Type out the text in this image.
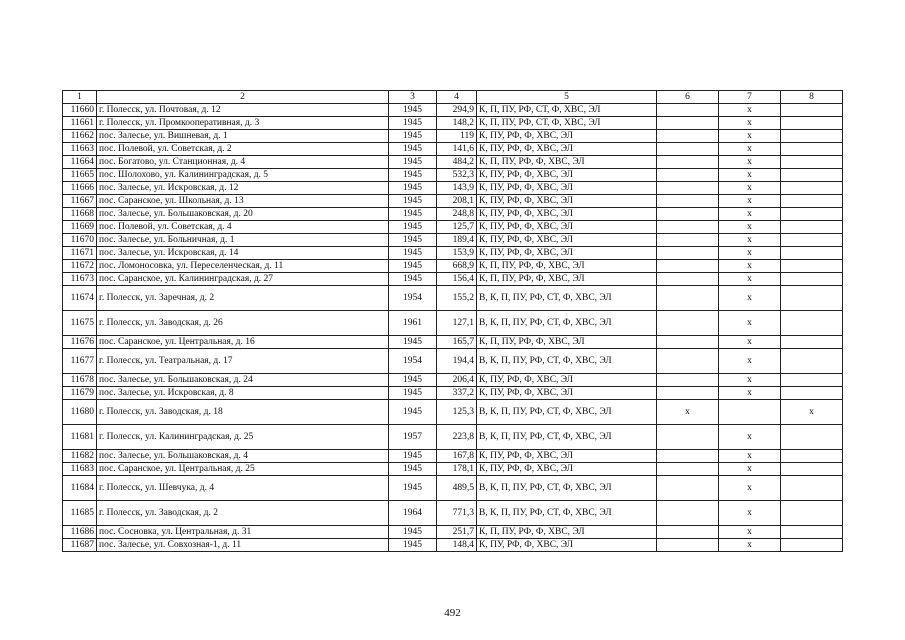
1	2	3	4	5	6	7	8
11660	г. Полесск, ул. Почтовая, д. 12	1945	294,9	К, П, ПУ, РФ, СТ, Ф, ХВС, ЭЛ		х	
11661	г. Полесск, ул. Промкооперативная, д. 3	1945	148,2	К, П, ПУ, РФ, СТ, Ф, ХВС, ЭЛ		х	
11662	пос. Залесье, ул. Вишневая, д. 1	1945	119	К, ПУ, РФ, Ф, ХВС, ЭЛ		х	
11663	пос. Полевой, ул. Советская, д. 2	1945	141,6	К, ПУ, РФ, Ф, ХВС, ЭЛ		х	
11664	пос. Богатово, ул. Станционная, д. 4	1945	484,2	К, П, ПУ, РФ, Ф, ХВС, ЭЛ		х	
11665	пос. Шолохово, ул. Калининградская, д. 5	1945	532,3	К, ПУ, РФ, Ф, ХВС, ЭЛ		х	
11666	пос. Залесье, ул. Искровская, д. 12	1945	143,9	К, ПУ, РФ, Ф, ХВС, ЭЛ		х	
11667	пос. Саранское, ул. Школьная, д. 13	1945	208,1	К, ПУ, РФ, Ф, ХВС, ЭЛ		х	
11668	пос. Залесье, ул. Большаковская, д. 20	1945	248,8	К, ПУ, РФ, Ф, ХВС, ЭЛ		х	
11669	пос. Полевой, ул. Советская, д. 4	1945	125,7	К, ПУ, РФ, Ф, ХВС, ЭЛ		х	
11670	пос. Залесье, ул. Больничная, д. 1	1945	189,4	К, ПУ, РФ, Ф, ХВС, ЭЛ		х	
11671	пос. Залесье, ул. Искровская, д. 14	1945	153,9	К, ПУ, РФ, Ф, ХВС, ЭЛ		х	
11672	пос. Ломоносовка, ул. Переселенческая, д. 11	1945	668,9	К, П, ПУ, РФ, Ф, ХВС, ЭЛ		х	
11673	пос. Саранское, ул. Калининградская, д. 27	1945	156,4	К, П, ПУ, РФ, Ф, ХВС, ЭЛ		х	
11674	г. Полесск, ул. Заречная, д. 2	1954	155,2	В, К, П, ПУ, РФ, СТ, Ф, ХВС, ЭЛ		х	
11675	г. Полесск, ул. Заводская, д. 26	1961	127,1	В, К, П, ПУ, РФ, СТ, Ф, ХВС, ЭЛ		х	
11676	пос. Саранское, ул. Центральная, д. 16	1945	165,7	К, П, ПУ, РФ, Ф, ХВС, ЭЛ		х	
11677	г. Полесск, ул. Театральная, д. 17	1954	194,4	В, К, П, ПУ, РФ, СТ, Ф, ХВС, ЭЛ		х	
11678	пос. Залесье, ул. Большаковская, д. 24	1945	206,4	К, ПУ, РФ, Ф, ХВС, ЭЛ		х	
11679	пос. Залесье, ул. Искровская, д. 8	1945	337,2	К, ПУ, РФ, Ф, ХВС, ЭЛ		х	
11680	г. Полесск, ул. Заводская, д. 18	1945	125,3	В, К, П, ПУ, РФ, СТ, Ф, ХВС, ЭЛ	х		х
11681	г. Полесск, ул. Калининградская, д. 25	1957	223,8	В, К, П, ПУ, РФ, СТ, Ф, ХВС, ЭЛ		х	
11682	пос. Залесье, ул. Большаковская, д. 4	1945	167,8	К, ПУ, РФ, Ф, ХВС, ЭЛ		х	
11683	пос. Саранское, ул. Центральная, д. 25	1945	178,1	К, ПУ, РФ, Ф, ХВС, ЭЛ		х	
11684	г. Полесск, ул. Шевчука, д. 4	1945	489,5	В, К, П, ПУ, РФ, СТ, Ф, ХВС, ЭЛ		х	
11685	г. Полесск, ул. Заводская, д. 2	1964	771,3	В, К, П, ПУ, РФ, СТ, Ф, ХВС, ЭЛ		х	
11686	пос. Сосновка, ул. Центральная, д. 31	1945	251,7	К, П, ПУ, РФ, Ф, ХВС, ЭЛ		х	
11687	пос. Залесье, ул. Совхозная-1, д. 11	1945	148,4	К, ПУ, РФ, Ф, ХВС, ЭЛ		х	
492
